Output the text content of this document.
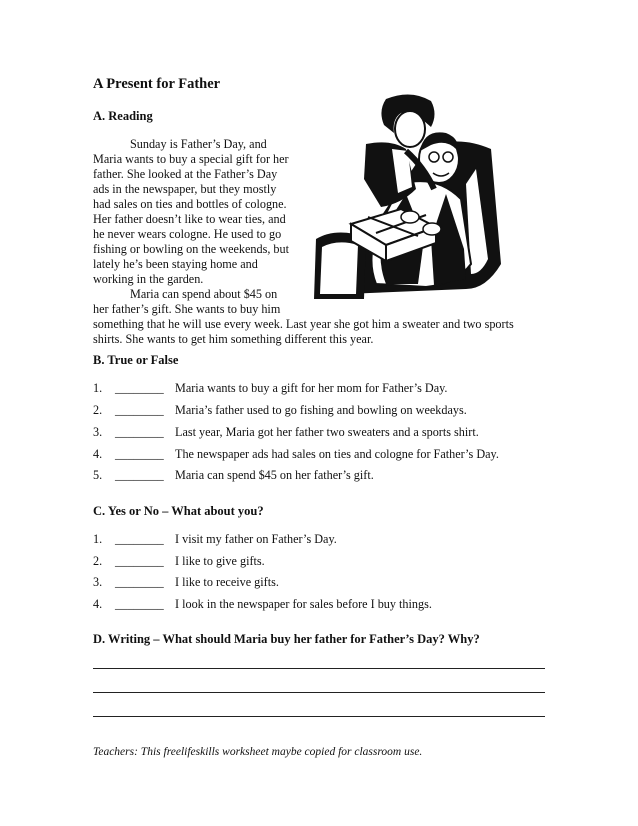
A Present for Father
A. Reading
Sunday is Father’s Day, and
Maria wants to buy a special gift for her
father. She looked at the Father’s Day
ads in the newspaper, but they mostly
had sales on ties and bottles of cologne.
Her father doesn’t like to wear ties, and
he never wears cologne. He used to go
fishing or bowling on the weekends, but
lately he’s been staying home and
working in the garden.
Maria can spend about $45 on
her father’s gift. She wants to buy him
something that he will use every week. Last year she got him a sweater and two sports
shirts. She wants to get him something different this year.
B. True or False
1. ________ Maria wants to buy a gift for her mom for Father’s Day.
2. ________ Maria’s father used to go fishing and bowling on weekdays.
3. ________ Last year, Maria got her father two sweaters and a sports shirt.
4. ________ The newspaper ads had sales on ties and cologne for Father’s Day.
5. ________ Maria can spend $45 on her father’s gift.
C. Yes or No – What about you?
1. ________ I visit my father on Father’s Day.
2. ________ I like to give gifts.
3. ________ I like to receive gifts.
4. ________ I look in the newspaper for sales before I buy things.
D. Writing – What should Maria buy her father for Father’s Day? Why?
Teachers: This freelifeskills worksheet maybe copied for classroom use.
